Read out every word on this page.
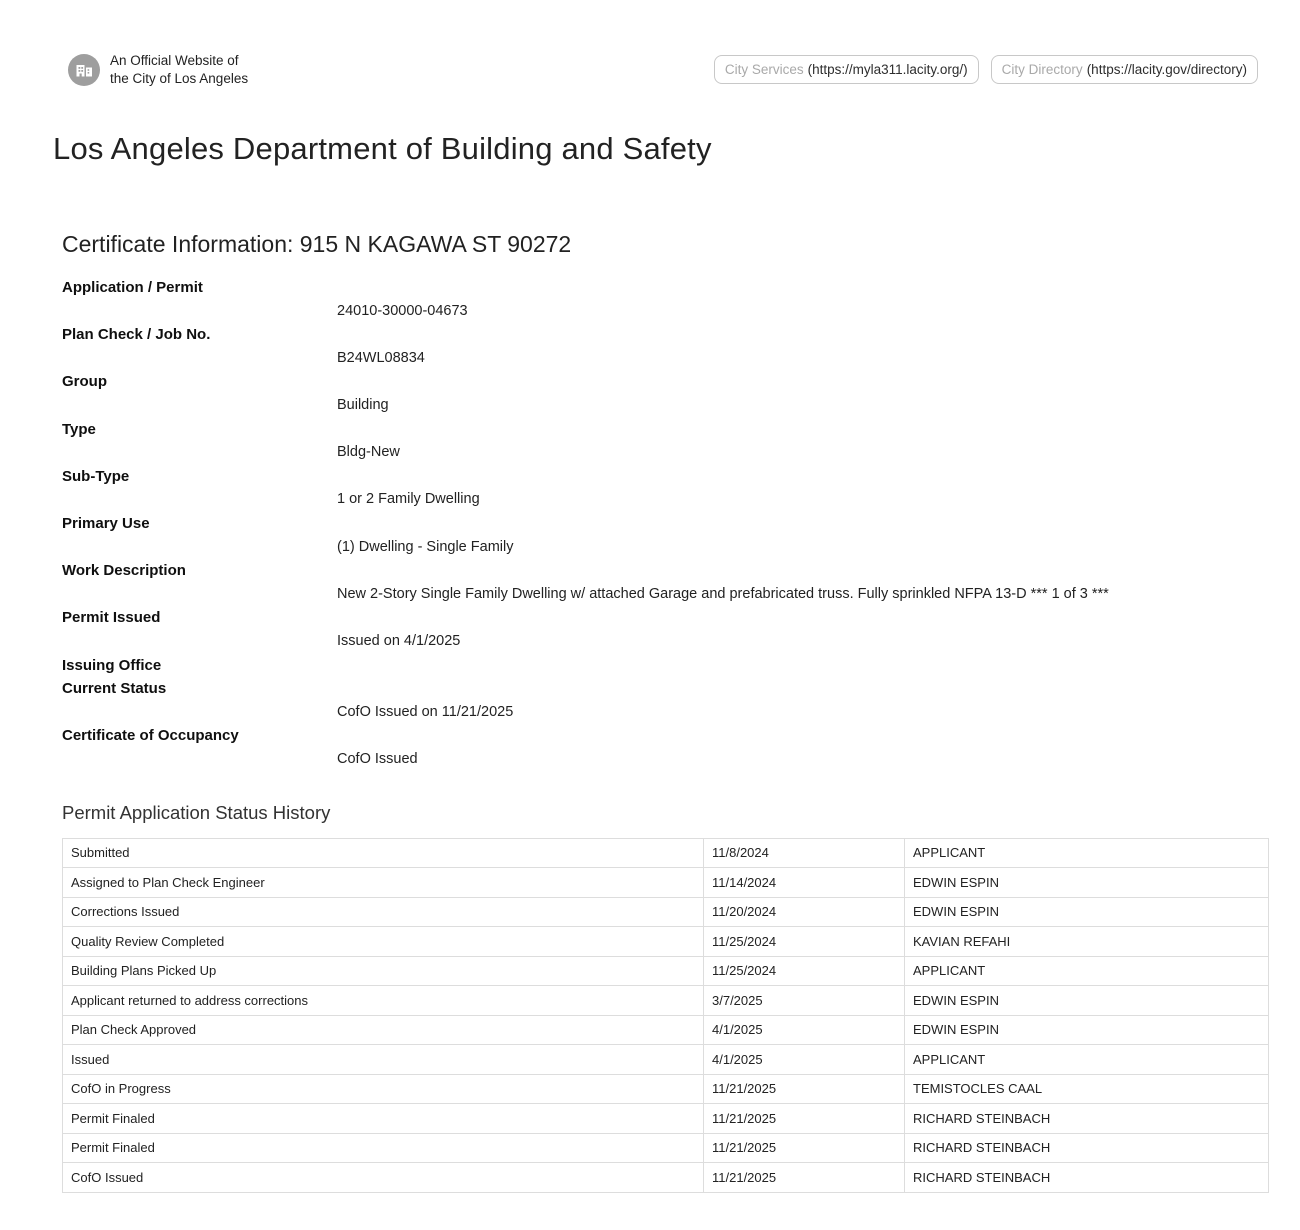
An Official Website of
the City of Los Angeles
City Services (https://myla311.lacity.org/)	City Directory (https://lacity.gov/directory)
Los Angeles Department of Building and Safety
Certificate Information: 915 N KAGAWA ST 90272
Application / Permit
24010-30000-04673
Plan Check / Job No.
B24WL08834
Group
Building
Type
Bldg-New
Sub-Type
1 or 2 Family Dwelling
Primary Use
(1) Dwelling - Single Family
Work Description
New 2-Story Single Family Dwelling w/ attached Garage and prefabricated truss. Fully sprinkled NFPA 13-D *** 1 of 3 ***
Permit Issued
Issued on 4/1/2025
Issuing Office
Current Status
CofO Issued on 11/21/2025
Certificate of Occupancy
CofO Issued
Permit Application Status History
Submitted	11/8/2024	APPLICANT
Assigned to Plan Check Engineer	11/14/2024	EDWIN ESPIN
Corrections Issued	11/20/2024	EDWIN ESPIN
Quality Review Completed	11/25/2024	KAVIAN REFAHI
Building Plans Picked Up	11/25/2024	APPLICANT
Applicant returned to address corrections	3/7/2025	EDWIN ESPIN
Plan Check Approved	4/1/2025	EDWIN ESPIN
Issued	4/1/2025	APPLICANT
CofO in Progress	11/21/2025	TEMISTOCLES CAAL
Permit Finaled	11/21/2025	RICHARD STEINBACH
Permit Finaled	11/21/2025	RICHARD STEINBACH
CofO Issued	11/21/2025	RICHARD STEINBACH
